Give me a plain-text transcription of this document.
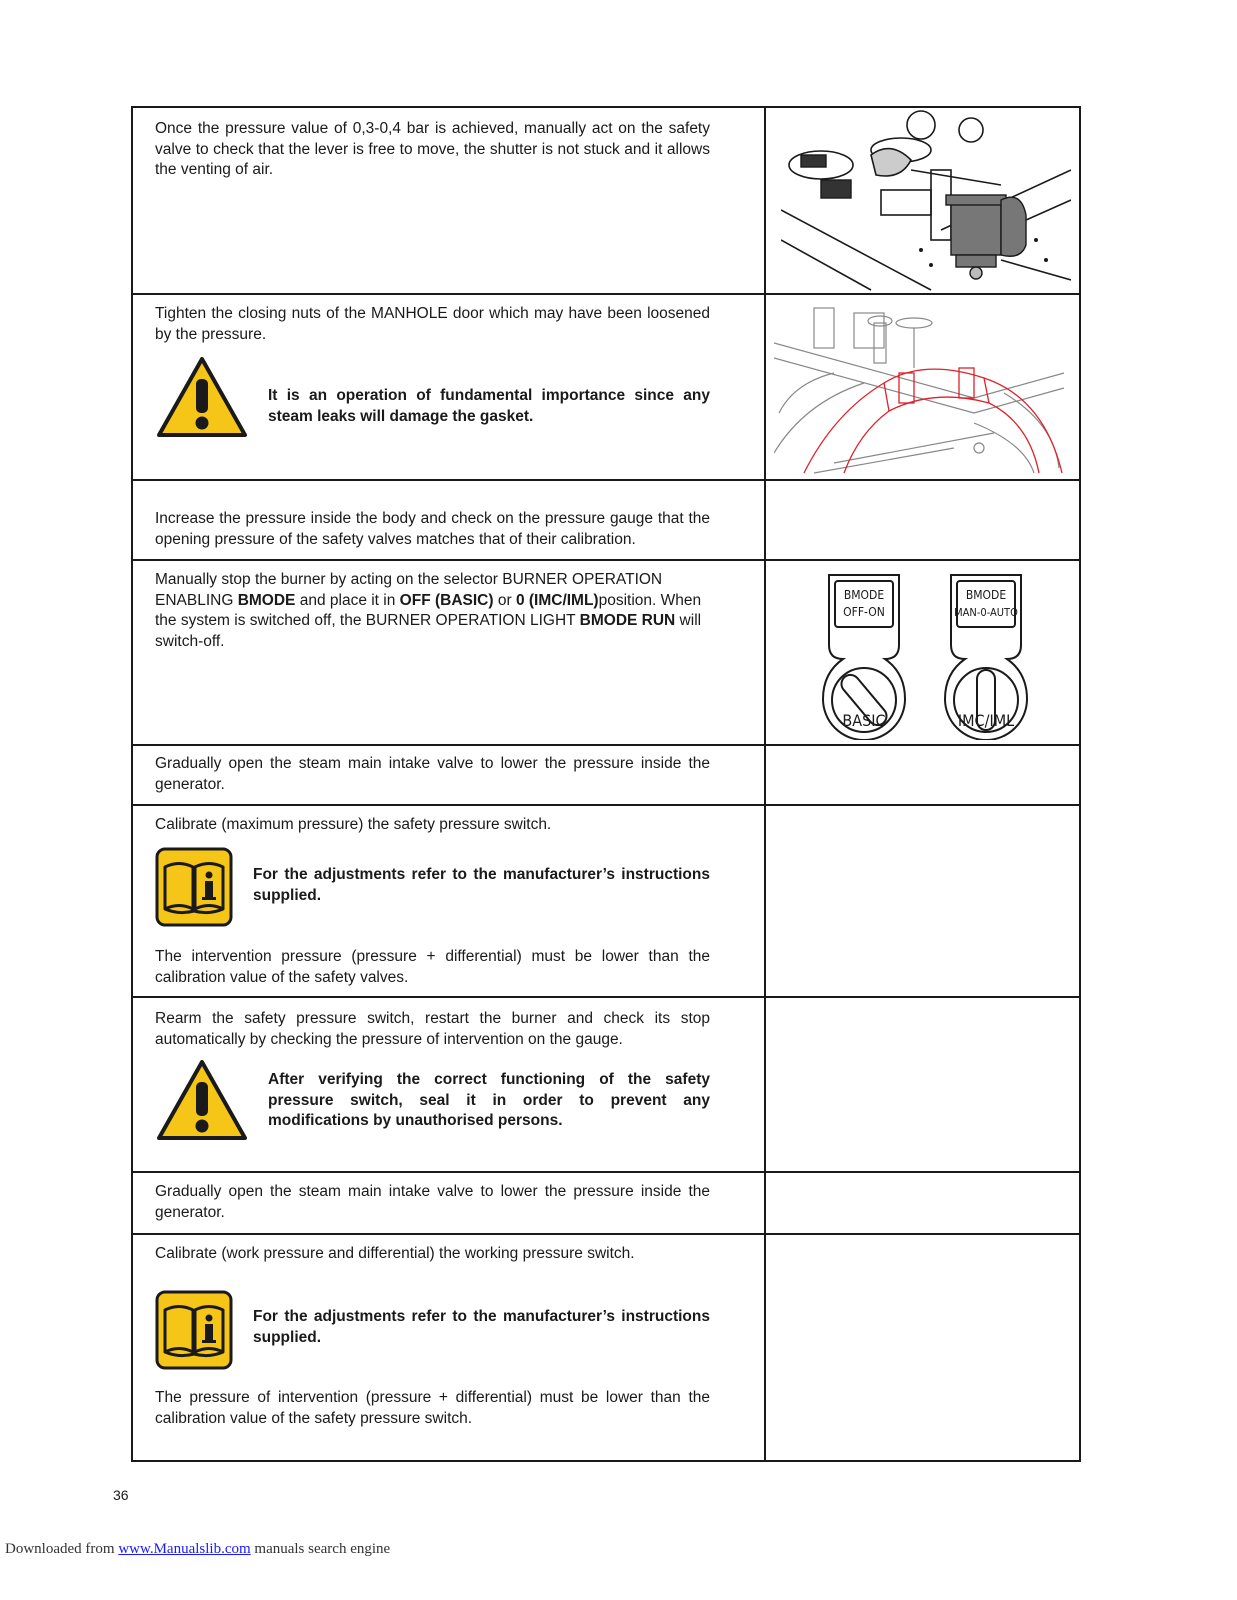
Once the pressure value of 0,3-0,4 bar is achieved, manually act on the safety valve to check that the lever is free to move, the shutter is not stuck and it allows the venting of air.
Tighten the closing nuts of the MANHOLE door which may have been loosened by the pressure.
It is an operation of fundamental importance since any steam leaks will damage the gasket.
Increase the pressure inside the body and check on the pressure gauge that the opening pressure of the safety valves matches that of their calibration.
Manually stop the burner by acting on the selector BURNER OPERATION ENABLING BMODE and place it in OFF (BASIC) or 0 (IMC/IML)position. When the system is switched off, the BURNER OPERATION LIGHT BMODE RUN will switch-off.
BMODE
OFF-ON
BMODE
MAN-0-AUTO
BASIC	IMC/IML
Gradually open the steam main intake valve to lower the pressure inside the generator.
Calibrate (maximum pressure) the safety pressure switch.
For the adjustments refer to the manufacturer’s instructions supplied.
The intervention pressure (pressure + differential) must be lower than the calibration value of the safety valves.
Rearm the safety pressure switch, restart the burner and check its stop automatically by checking the pressure of intervention on the gauge.
After verifying the correct functioning of the safety pressure switch, seal it in order to prevent any modifications by unauthorised persons.
Gradually open the steam main intake valve to lower the pressure inside the generator.
Calibrate (work pressure and differential) the working pressure switch.
For the adjustments refer to the manufacturer’s instructions supplied.
The pressure of intervention (pressure + differential) must be lower than the calibration value of the safety pressure switch.
36
Downloaded from www.Manualslib.com manuals search engine
